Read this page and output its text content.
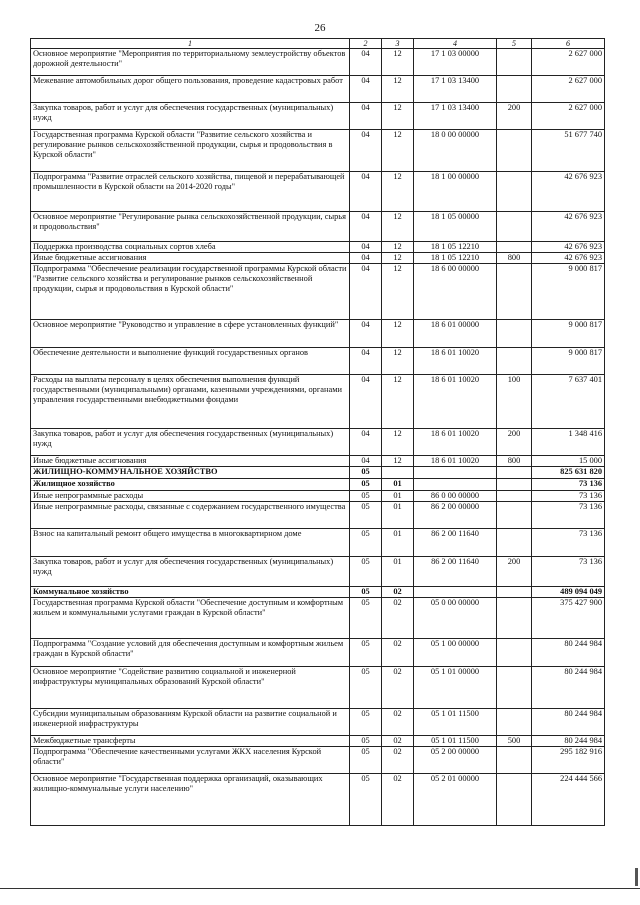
26
1	2	3	4	5	6
Основное мероприятие "Мероприятия по территориальному землеустройству объектов дорожной деятельности"	04	12	17 1 03 00000		2 627 000
Межевание автомобильных дорог общего пользования, проведение кадастровых работ	04	12	17 1 03 13400		2 627 000
Закупка товаров, работ и услуг для обеспечения государственных (муниципальных) нужд	04	12	17 1 03 13400	200	2 627 000
Государственная программа Курской области "Развитие сельского хозяйства и регулирование рынков сельскохозяйственной продукции, сырья и продовольствия в Курской области"	04	12	18 0 00 00000		51 677 740
Подпрограмма "Развитие отраслей сельского хозяйства, пищевой и перерабатывающей промышленности в Курской области на 2014-2020 годы"	04	12	18 1 00 00000		42 676 923
Основное мероприятие "Регулирование рынка сельскохозяйственной продукции, сырья и продовольствия"	04	12	18 1 05 00000		42 676 923
Поддержка производства социальных сортов хлеба	04	12	18 1 05 12210		42 676 923
Иные бюджетные ассигнования	04	12	18 1 05 12210	800	42 676 923
Подпрограмма "Обеспечение реализации государственной программы Курской области "Развитие сельского хозяйства и регулирование рынков сельскохозяйственной продукции, сырья и продовольствия в Курской области"	04	12	18 6 00 00000		9 000 817
Основное мероприятие "Руководство и управление в сфере установленных функций"	04	12	18 6 01 00000		9 000 817
Обеспечение деятельности и выполнение функций государственных органов	04	12	18 6 01 10020		9 000 817
Расходы на выплаты персоналу в целях обеспечения выполнения функций государственными (муниципальными) органами, казенными учреждениями, органами управления государственными внебюджетными фондами	04	12	18 6 01 10020	100	7 637 401
Закупка товаров, работ и услуг для обеспечения государственных (муниципальных) нужд	04	12	18 6 01 10020	200	1 348 416
Иные бюджетные ассигнования	04	12	18 6 01 10020	800	15 000
ЖИЛИЩНО-КОММУНАЛЬНОЕ ХОЗЯЙСТВО	05				825 631 820
Жилищное хозяйство	05	01			73 136
Иные непрограммные расходы	05	01	86 0 00 00000		73 136
Иные непрограммные расходы, связанные с содержанием государственного имущества	05	01	86 2 00 00000		73 136
Взнос на капитальный ремонт общего имущества в многоквартирном доме	05	01	86 2 00 11640		73 136
Закупка товаров, работ и услуг для обеспечения государственных (муниципальных) нужд	05	01	86 2 00 11640	200	73 136
Коммунальное хозяйство	05	02			489 094 049
Государственная программа Курской области "Обеспечение доступным и комфортным жильем и коммунальными услугами граждан в Курской области"	05	02	05 0 00 00000		375 427 900
Подпрограмма "Создание условий для обеспечения доступным и комфортным жильем граждан в Курской области"	05	02	05 1 00 00000		80 244 984
Основное мероприятие "Содействие развитию социальной и инженерной инфраструктуры муниципальных образований Курской области"	05	02	05 1 01 00000		80 244 984
Субсидии муниципальным образованиям Курской области на развитие социальной и инженерной инфраструктуры	05	02	05 1 01 11500		80 244 984
Межбюджетные трансферты	05	02	05 1 01 11500	500	80 244 984
Подпрограмма "Обеспечение качественными услугами ЖКХ населения Курской области"	05	02	05 2 00 00000		295 182 916
Основное мероприятие "Государственная поддержка организаций, оказывающих жилищно-коммунальные услуги населению"	05	02	05 2 01 00000		224 444 566
